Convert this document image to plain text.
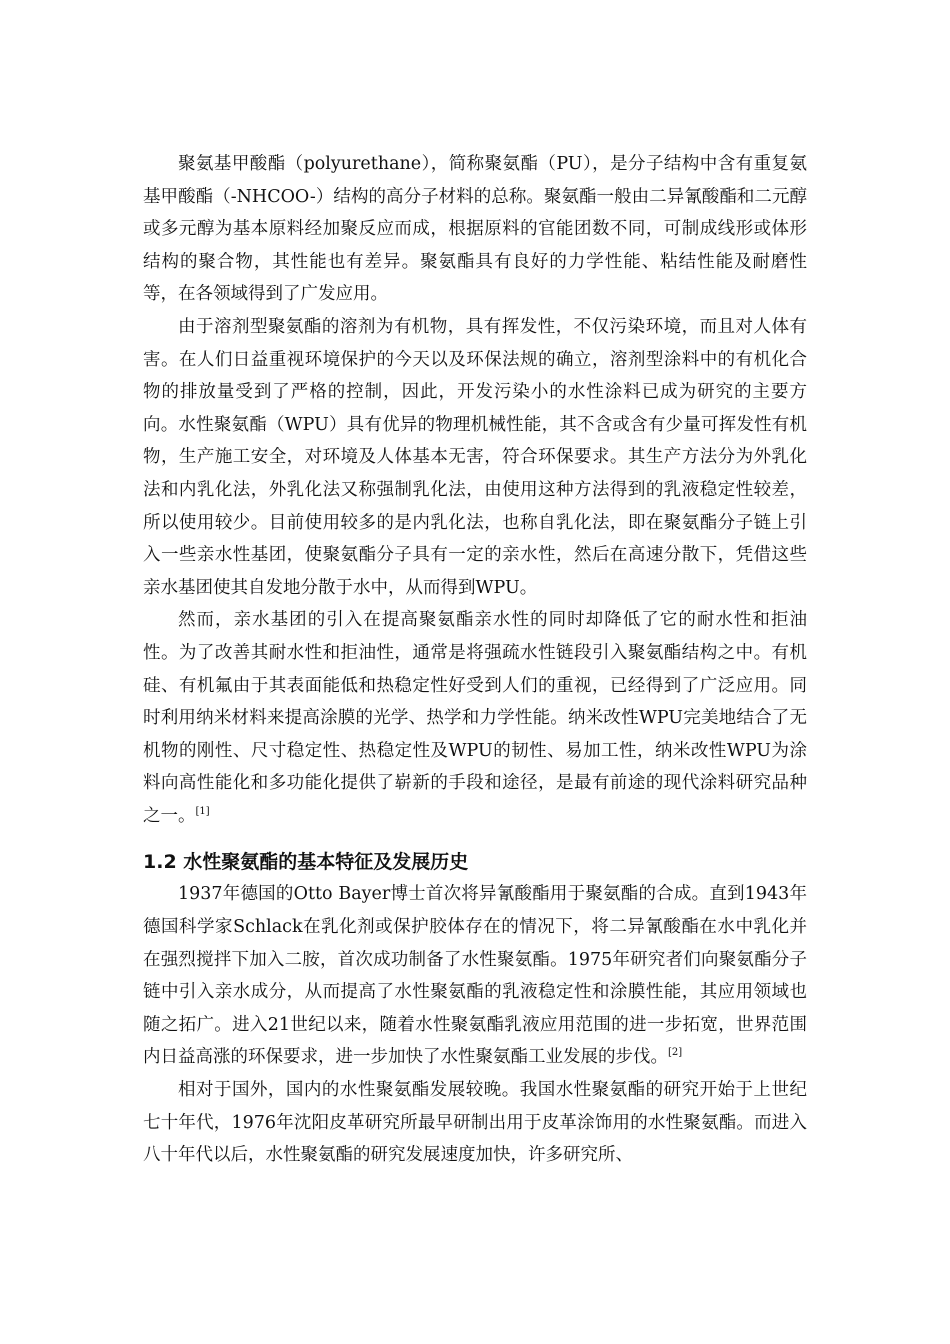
聚氨基甲酸酯（polyurethane），简称聚氨酯（PU），是分子结构中含有重复氨基甲酸酯（-NHCOO-）结构的高分子材料的总称。聚氨酯一般由二异氰酸酯和二元醇或多元醇为基本原料经加聚反应而成，根据原料的官能团数不同，可制成线形或体形结构的聚合物，其性能也有差异。聚氨酯具有良好的力学性能、粘结性能及耐磨性等，在各领域得到了广发应用。

由于溶剂型聚氨酯的溶剂为有机物，具有挥发性，不仅污染环境，而且对人体有害。在人们日益重视环境保护的今天以及环保法规的确立，溶剂型涂料中的有机化合物的排放量受到了严格的控制，因此，开发污染小的水性涂料已成为研究的主要方向。水性聚氨酯（WPU）具有优异的物理机械性能，其不含或含有少量可挥发性有机物，生产施工安全，对环境及人体基本无害，符合环保要求。其生产方法分为外乳化法和内乳化法，外乳化法又称强制乳化法，由使用这种方法得到的乳液稳定性较差，所以使用较少。目前使用较多的是内乳化法，也称自乳化法，即在聚氨酯分子链上引入一些亲水性基团，使聚氨酯分子具有一定的亲水性，然后在高速分散下，凭借这些亲水基团使其自发地分散于水中，从而得到WPU。

然而，亲水基团的引入在提高聚氨酯亲水性的同时却降低了它的耐水性和拒油性。为了改善其耐水性和拒油性，通常是将强疏水性链段引入聚氨酯结构之中。有机硅、有机氟由于其表面能低和热稳定性好受到人们的重视，已经得到了广泛应用。同时利用纳米材料来提高涂膜的光学、热学和力学性能。纳米改性WPU完美地结合了无机物的刚性、尺寸稳定性、热稳定性及WPU的韧性、易加工性，纳米改性WPU为涂料向高性能化和多功能化提供了崭新的手段和途径，是最有前途的现代涂料研究品种之一。[1]

1.2 水性聚氨酯的基本特征及发展历史

1937年德国的Otto Bayer博士首次将异氰酸酯用于聚氨酯的合成。直到1943年德国科学家Schlack在乳化剂或保护胶体存在的情况下，将二异氰酸酯在水中乳化并在强烈搅拌下加入二胺，首次成功制备了水性聚氨酯。1975年研究者们向聚氨酯分子链中引入亲水成分，从而提高了水性聚氨酯的乳液稳定性和涂膜性能，其应用领域也随之拓广。进入21世纪以来，随着水性聚氨酯乳液应用范围的进一步拓宽，世界范围内日益高涨的环保要求，进一步加快了水性聚氨酯工业发展的步伐。[2]

相对于国外，国内的水性聚氨酯发展较晚。我国水性聚氨酯的研究开始于上世纪七十年代，1976年沈阳皮革研究所最早研制出用于皮革涂饰用的水性聚氨酯。而进入八十年代以后，水性聚氨酯的研究发展速度加快，许多研究所、
